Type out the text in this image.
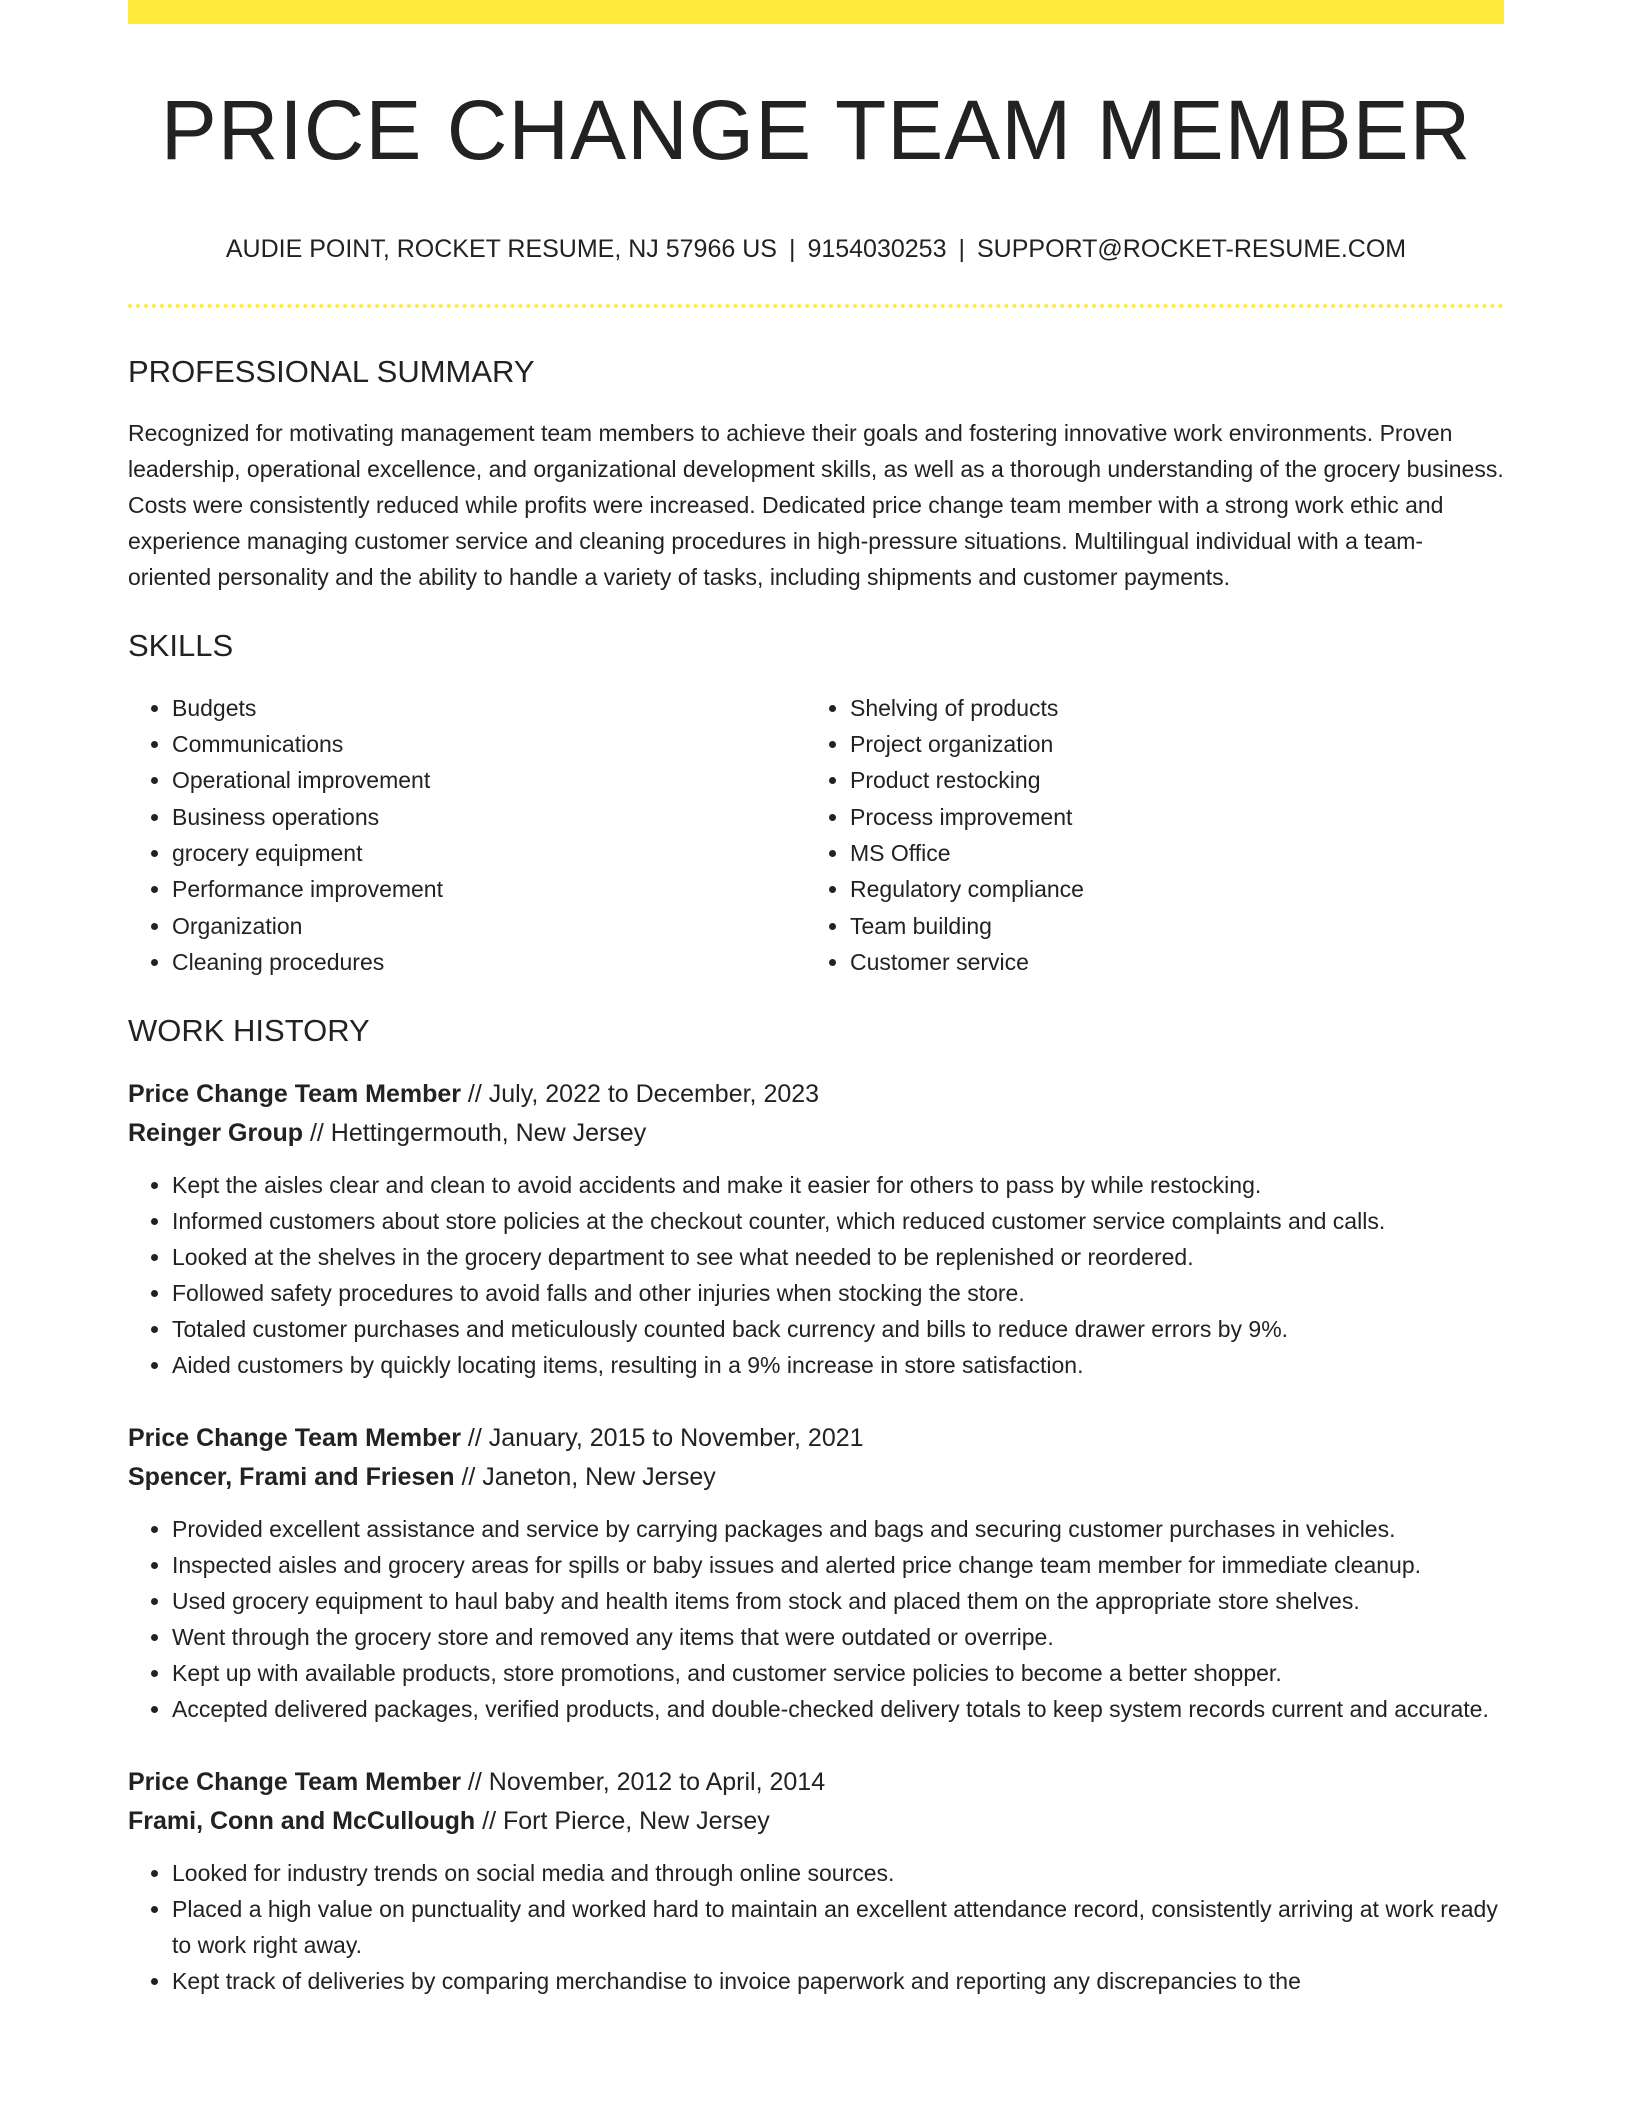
PRICE CHANGE TEAM MEMBER
AUDIE POINT, ROCKET RESUME, NJ 57966 US | 9154030253 | SUPPORT@ROCKET-RESUME.COM
PROFESSIONAL SUMMARY
Recognized for motivating management team members to achieve their goals and fostering innovative work environments. Proven leadership, operational excellence, and organizational development skills, as well as a thorough understanding of the grocery business. Costs were consistently reduced while profits were increased. Dedicated price change team member with a strong work ethic and experience managing customer service and cleaning procedures in high-pressure situations. Multilingual individual with a team-oriented personality and the ability to handle a variety of tasks, including shipments and customer payments.
SKILLS
• Budgets
• Communications
• Operational improvement
• Business operations
• grocery equipment
• Performance improvement
• Organization
• Cleaning procedures
• Shelving of products
• Project organization
• Product restocking
• Process improvement
• MS Office
• Regulatory compliance
• Team building
• Customer service
WORK HISTORY
Price Change Team Member // July, 2022 to December, 2023
Reinger Group // Hettingermouth, New Jersey
• Kept the aisles clear and clean to avoid accidents and make it easier for others to pass by while restocking.
• Informed customers about store policies at the checkout counter, which reduced customer service complaints and calls.
• Looked at the shelves in the grocery department to see what needed to be replenished or reordered.
• Followed safety procedures to avoid falls and other injuries when stocking the store.
• Totaled customer purchases and meticulously counted back currency and bills to reduce drawer errors by 9%.
• Aided customers by quickly locating items, resulting in a 9% increase in store satisfaction.
Price Change Team Member // January, 2015 to November, 2021
Spencer, Frami and Friesen // Janeton, New Jersey
• Provided excellent assistance and service by carrying packages and bags and securing customer purchases in vehicles.
• Inspected aisles and grocery areas for spills or baby issues and alerted price change team member for immediate cleanup.
• Used grocery equipment to haul baby and health items from stock and placed them on the appropriate store shelves.
• Went through the grocery store and removed any items that were outdated or overripe.
• Kept up with available products, store promotions, and customer service policies to become a better shopper.
• Accepted delivered packages, verified products, and double-checked delivery totals to keep system records current and accurate.
Price Change Team Member // November, 2012 to April, 2014
Frami, Conn and McCullough // Fort Pierce, New Jersey
• Looked for industry trends on social media and through online sources.
• Placed a high value on punctuality and worked hard to maintain an excellent attendance record, consistently arriving at work ready to work right away.
• Kept track of deliveries by comparing merchandise to invoice paperwork and reporting any discrepancies to the
